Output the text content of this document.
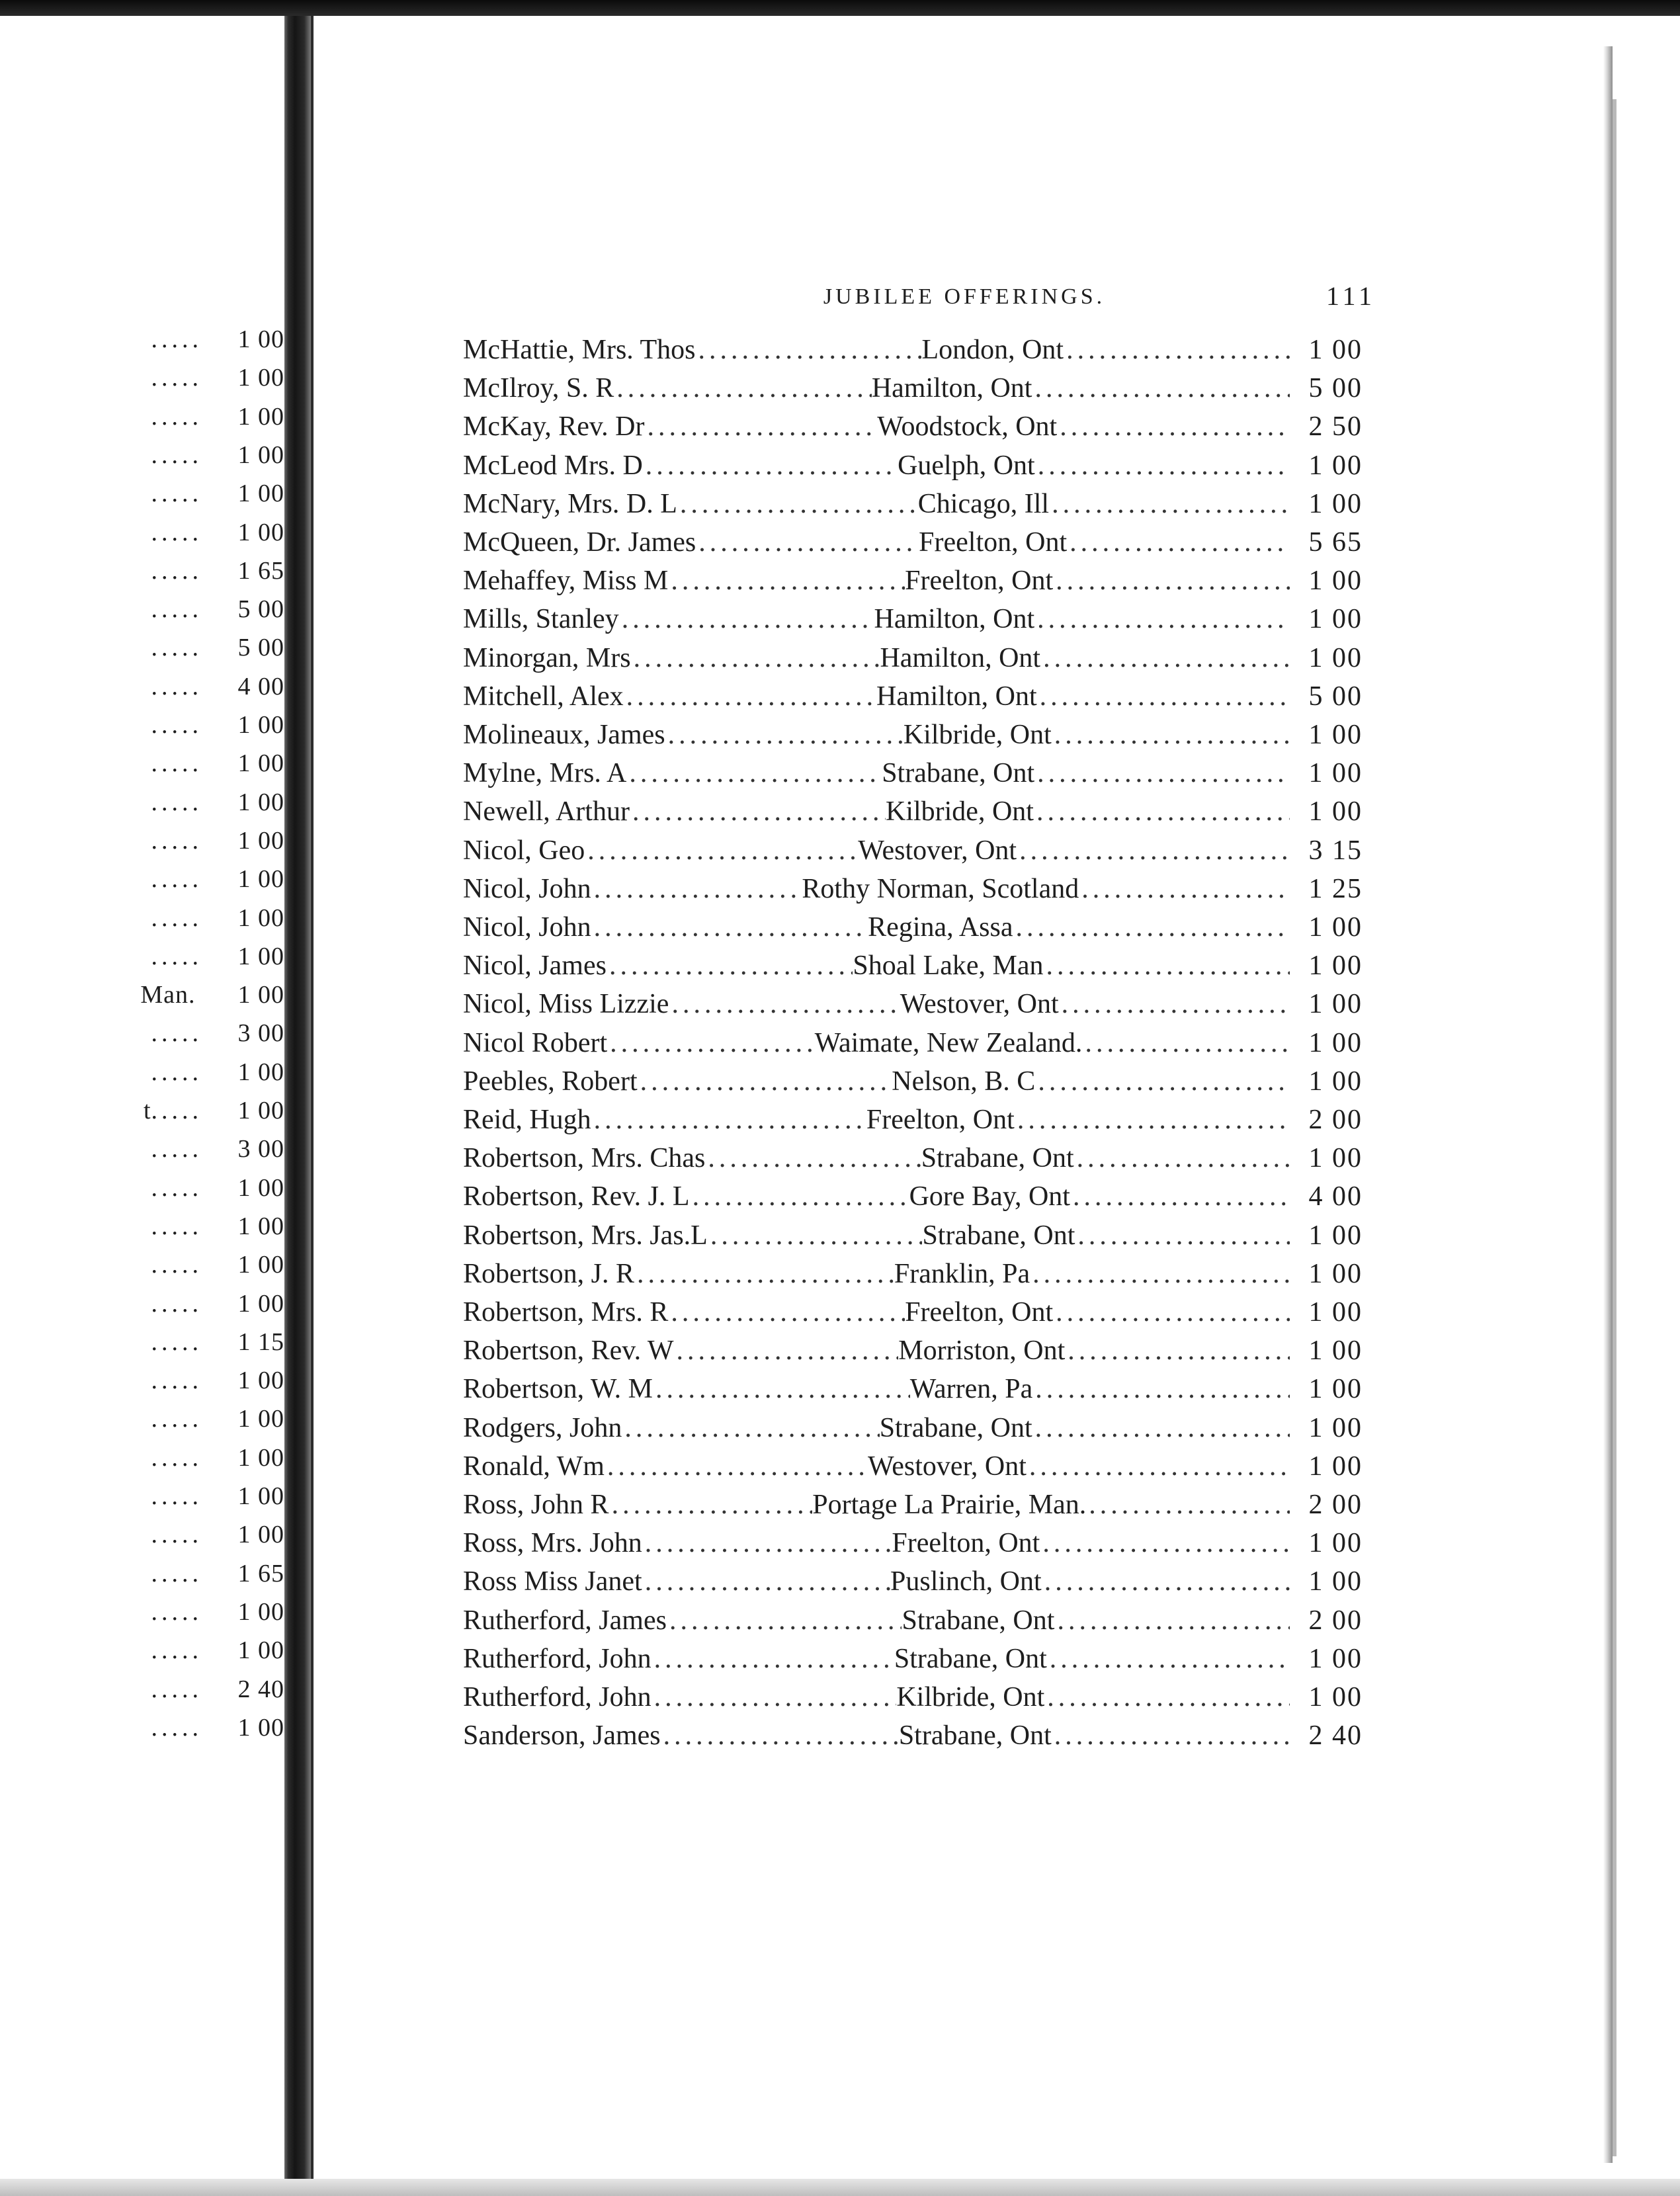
..... 1 00
..... 1 00
..... 1 00
..... 1 00
..... 1 00
..... 1 00
..... 1 65
..... 5 00
..... 5 00
..... 4 00
..... 1 00
..... 1 00
..... 1 00
..... 1 00
..... 1 00
..... 1 00
..... 1 00
Man. 1 00
..... 3 00
..... 1 00
t..... 1 00
..... 3 00
..... 1 00
..... 1 00
..... 1 00
..... 1 00
..... 1 15
..... 1 00
..... 1 00
..... 1 00
..... 1 00
..... 1 00
..... 1 65
..... 1 00
..... 1 00
..... 2 40
..... 1 00
JUBILEE OFFERINGS.	111
McHattie, Mrs. Thos .....	London, Ont .....	1 00
McIlroy, S. R .....	Hamilton, Ont .....	5 00
McKay, Rev. Dr .....	Woodstock, Ont .....	2 50
McLeod Mrs. D .....	Guelph, Ont .....	1 00
McNary, Mrs. D. L .....	Chicago, Ill .....	1 00
McQueen, Dr. James .....	Freelton, Ont .....	5 65
Mehaffey, Miss M .....	Freelton, Ont .....	1 00
Mills, Stanley .....	Hamilton, Ont .....	1 00
Minorgan, Mrs .....	Hamilton, Ont .....	1 00
Mitchell, Alex .....	Hamilton, Ont .....	5 00
Molineaux, James .....	Kilbride, Ont .....	1 00
Mylne, Mrs. A .....	Strabane, Ont .....	1 00
Newell, Arthur .....	Kilbride, Ont .....	1 00
Nicol, Geo .....	Westover, Ont .....	3 15
Nicol, John .....	Rothy Norman, Scotland .....	1 25
Nicol, John .....	Regina, Assa .....	1 00
Nicol, James .....	Shoal Lake, Man .....	1 00
Nicol, Miss Lizzie .....	Westover, Ont .....	1 00
Nicol Robert .....	Waimate, New Zealand. .....	1 00
Peebles, Robert .....	Nelson, B. C .....	1 00
Reid, Hugh .....	Freelton, Ont .....	2 00
Robertson, Mrs. Chas .....	Strabane, Ont .....	1 00
Robertson, Rev. J. L .....	Gore Bay, Ont .....	4 00
Robertson, Mrs. Jas.L .....	Strabane, Ont .....	1 00
Robertson, J. R .....	Franklin, Pa .....	1 00
Robertson, Mrs. R .....	Freelton, Ont .....	1 00
Robertson, Rev. W .....	Morriston, Ont .....	1 00
Robertson, W. M .....	Warren, Pa .....	1 00
Rodgers, John .....	Strabane, Ont .....	1 00
Ronald, Wm .....	Westover, Ont .....	1 00
Ross, John R .....	Portage La Prairie, Man. .....	2 00
Ross, Mrs. John .....	Freelton, Ont .....	1 00
Ross Miss Janet .....	Puslinch, Ont .....	1 00
Rutherford, James .....	Strabane, Ont .....	2 00
Rutherford, John .....	Strabane, Ont .....	1 00
Rutherford, John .....	Kilbride, Ont .....	1 00
Sanderson, James .....	Strabane, Ont .....	2 40
